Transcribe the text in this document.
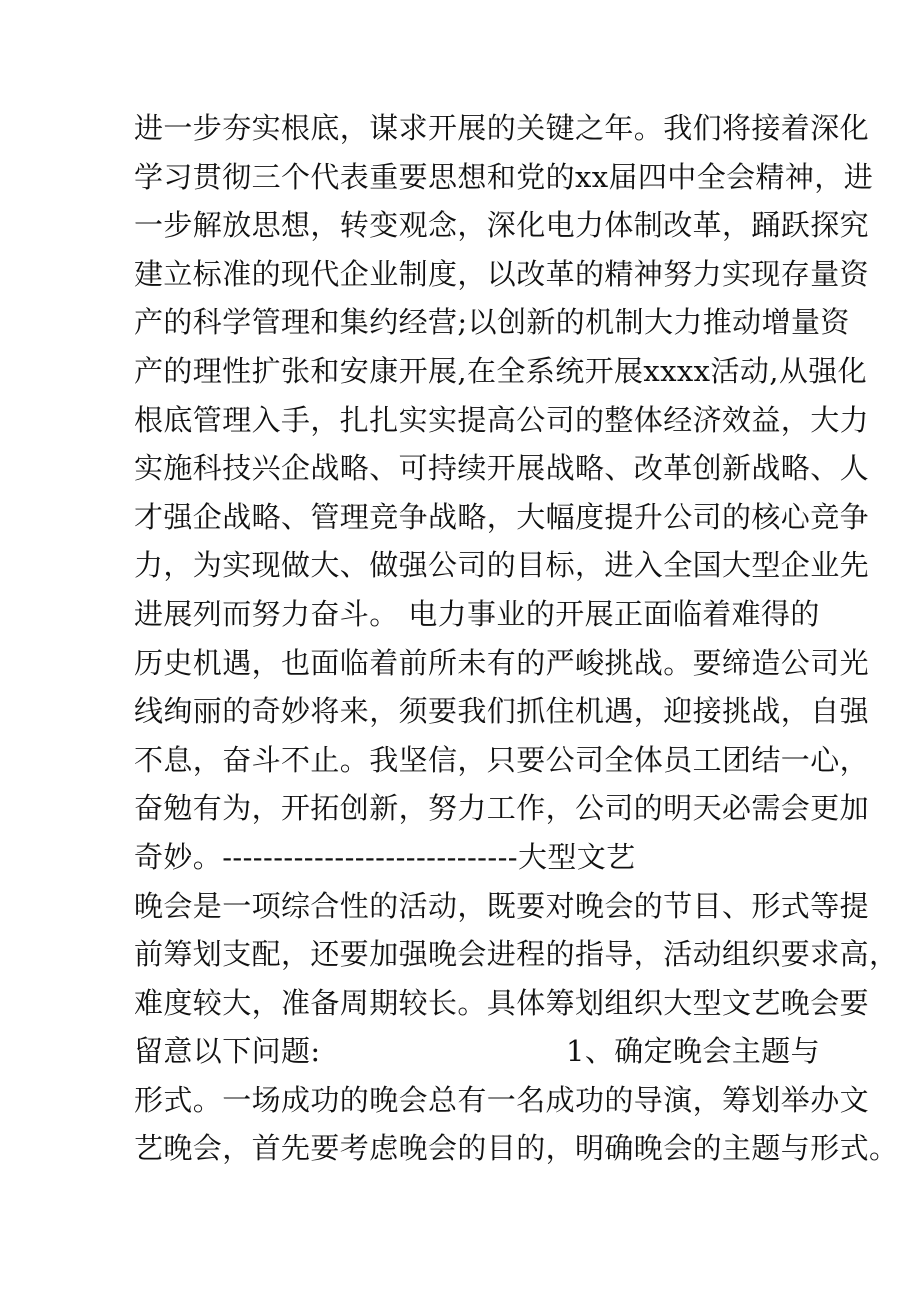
进一步夯实根底，谋求开展的关键之年。我们将接着深化
学习贯彻三个代表重要思想和党的xx届四中全会精神，进
一步解放思想，转变观念，深化电力体制改革，踊跃探究
建立标准的现代企业制度，以改革的精神努力实现存量资
产的科学管理和集约经营;以创新的机制大力推动增量资
产的理性扩张和安康开展,在全系统开展xxxx活动,从强化
根底管理入手，扎扎实实提高公司的整体经济效益，大力
实施科技兴企战略、可持续开展战略、改革创新战略、人
才强企战略、管理竞争战略，大幅度提升公司的核心竞争
力，为实现做大、做强公司的目标，进入全国大型企业先
进展列而努力奋斗。 电力事业的开展正面临着难得的
历史机遇，也面临着前所未有的严峻挑战。要缔造公司光
线绚丽的奇妙将来，须要我们抓住机遇，迎接挑战，自强
不息，奋斗不止。我坚信，只要公司全体员工团结一心，
奋勉有为，开拓创新，努力工作，公司的明天必需会更加
奇妙。-----------------------------大型文艺
晚会是一项综合性的活动，既要对晚会的节目、形式等提
前筹划支配，还要加强晚会进程的指导，活动组织要求高，
难度较大，准备周期较长。具体筹划组织大型文艺晚会要
留意以下问题:	1、确定晚会主题与
形式。一场成功的晚会总有一名成功的导演，筹划举办文
艺晚会，首先要考虑晚会的目的，明确晚会的主题与形式。
